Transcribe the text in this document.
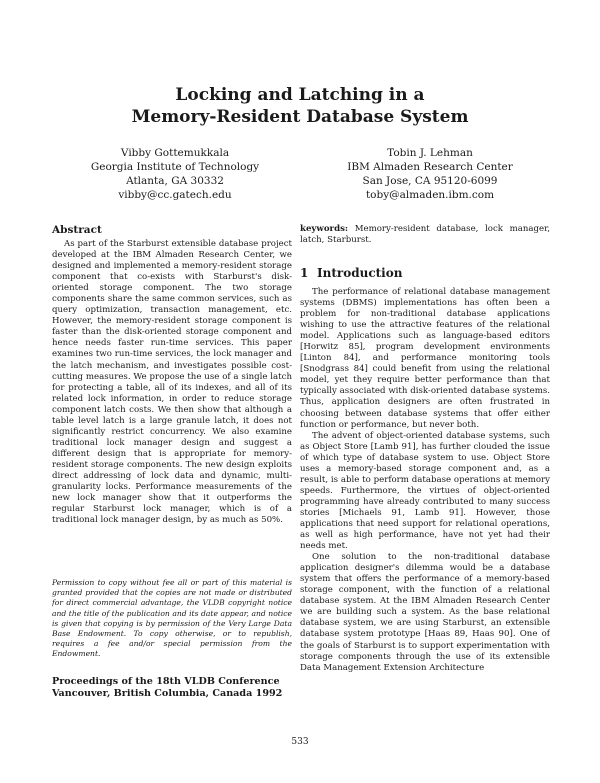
Locking and Latching in a
Memory-Resident Database System
Vibby Gottemukkala
Georgia Institute of Technology
Atlanta, GA 30332
vibby@cc.gatech.edu
Tobin J. Lehman
IBM Almaden Research Center
San Jose, CA 95120-6099
toby@almaden.ibm.com
Abstract

As part of the Starburst extensible database project developed at the IBM Almaden Research Center, we designed and implemented a memory-resident storage component that co-exists with Starburst's disk-oriented storage component. The two storage components share the same common services, such as query optimization, transaction management, etc. However, the memory-resident storage component is faster than the disk-oriented storage component and hence needs faster run-time services. This paper examines two run-time services, the lock manager and the latch mechanism, and investigates possible cost-cutting measures. We propose the use of a single latch for protecting a table, all of its indexes, and all of its related lock information, in order to reduce storage component latch costs. We then show that although a table level latch is a large granule latch, it does not significantly restrict concurrency. We also examine traditional lock manager design and suggest a different design that is appropriate for memory-resident storage components. The new design exploits direct addressing of lock data and dynamic, multi-granularity locks. Performance measurements of the new lock manager show that it outperforms the regular Starburst lock manager, which is of a traditional lock manager design, by as much as 50%.

Permission to copy without fee all or part of this material is granted provided that the copies are not made or distributed for direct commercial advantage, the VLDB copyright notice and the title of the publication and its date appear, and notice is given that copying is by permission of the Very Large Data Base Endowment. To copy otherwise, or to republish, requires a fee and/or special permission from the Endowment.
Proceedings of the 18th VLDB Conference
Vancouver, British Columbia, Canada 1992
keywords: Memory-resident database, lock manager, latch, Starburst.
1 Introduction

The performance of relational database management systems (DBMS) implementations has often been a problem for non-traditional database applications wishing to use the attractive features of the relational model. Applications such as language-based editors [Horwitz 85], program development environments [Linton 84], and performance monitoring tools [Snodgrass 84] could benefit from using the relational model, yet they require better performance than that typically associated with disk-oriented database systems. Thus, application designers are often frustrated in choosing between database systems that offer either function or performance, but never both.

The advent of object-oriented database systems, such as Object Store [Lamb 91], has further clouded the issue of which type of database system to use. Object Store uses a memory-based storage component and, as a result, is able to perform database operations at memory speeds. Furthermore, the virtues of object-oriented programming have already contributed to many success stories [Michaels 91, Lamb 91]. However, those applications that need support for relational operations, as well as high performance, have not yet had their needs met.

One solution to the non-traditional database application designer's dilemma would be a database system that offers the performance of a memory-based storage component, with the function of a relational database system. At the IBM Almaden Research Center we are building such a system. As the base relational database system, we are using Starburst, an extensible database system prototype [Haas 89, Haas 90]. One of the goals of Starburst is to support experimentation with storage components through the use of its extensible Data Management Extension Architecture

533
